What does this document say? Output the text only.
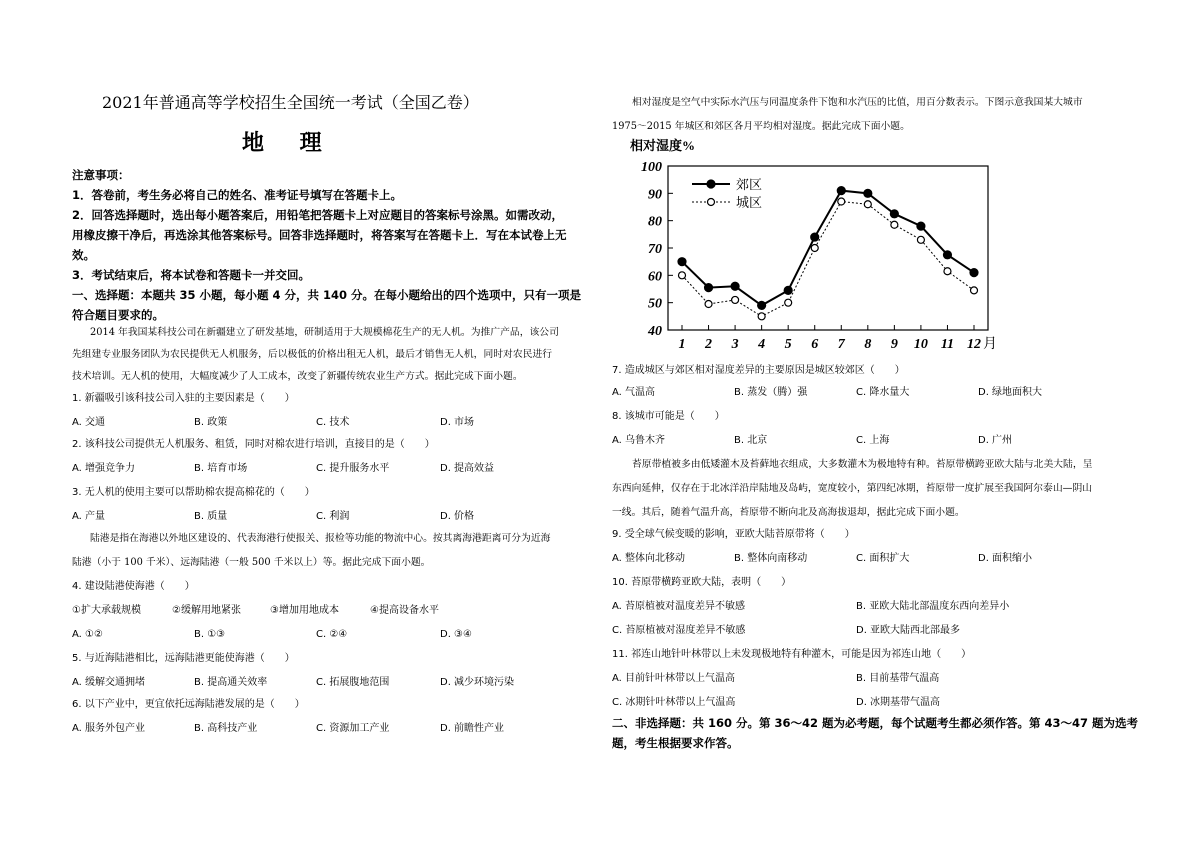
2021年普通高等学校招生全国统一考试（全国乙卷）
地 理
注意事项：
1．答卷前，考生务必将自己的姓名、准考证号填写在答题卡上。
2．回答选择题时，选出每小题答案后，用铅笔把答题卡上对应题目的答案标号涂黑。如需改动，
用橡皮擦干净后，再选涂其他答案标号。回答非选择题时，将答案写在答题卡上．写在本试卷上无
效。
3．考试结束后，将本试卷和答题卡一并交回。
一、选择题：本题共 35 小题，每小题 4 分，共 140 分。在每小题给出的四个选项中，只有一项是
符合题目要求的。
2014 年我国某科技公司在新疆建立了研发基地，研制适用于大规模棉花生产的无人机。为推广产品，该公司
先组建专业服务团队为农民提供无人机服务，后以极低的价格出租无人机，最后才销售无人机，同时对农民进行
技术培训。无人机的使用，大幅度减少了人工成本，改变了新疆传统农业生产方式。据此完成下面小题。
1. 新疆吸引该科技公司入驻的主要因素是（　　）
A. 交通	B. 政策	C. 技术	D. 市场
2. 该科技公司提供无人机服务、租赁，同时对棉农进行培训，直接目的是（　　）
A. 增强竞争力	B. 培育市场	C. 提升服务水平	D. 提高效益
3. 无人机的使用主要可以帮助棉农提高棉花的（　　）
A. 产量	B. 质量	C. 利润	D. 价格
陆港是指在海港以外地区建设的、代表海港行使报关、报检等功能的物流中心。按其离海港距离可分为近海
陆港（小于 100 千米）、远海陆港（一般 500 千米以上）等。据此完成下面小题。
4. 建设陆港使海港（　　）
①扩大承载规模	②缓解用地紧张	③增加用地成本	④提高设备水平
A. ①②	B. ①③	C. ②④	D. ③④
5. 与近海陆港相比，远海陆港更能使海港（　　）
A. 缓解交通拥堵	B. 提高通关效率	C. 拓展腹地范围	D. 减少环境污染
6. 以下产业中，更宜依托远海陆港发展的是（　　）
A. 服务外包产业	B. 高科技产业	C. 资源加工产业	D. 前瞻性产业
相对湿度是空气中实际水汽压与同温度条件下饱和水汽压的比值，用百分数表示。下图示意我国某大城市
1975～2015 年城区和郊区各月平均相对湿度。据此完成下面小题。
相对湿度%
40
50
60
70
80
90
100
1 2 3 4 5 6 7 8 9 10 11 12 月
郊区
城区
7. 造成城区与郊区相对湿度差异的主要原因是城区较郊区（　　）
A. 气温高	B. 蒸发（腾）强	C. 降水量大	D. 绿地面积大
8. 该城市可能是（　　）
A. 乌鲁木齐	B. 北京	C. 上海	D. 广州
苔原带植被多由低矮灌木及苔藓地衣组成，大多数灌木为极地特有种。苔原带横跨亚欧大陆与北美大陆，呈
东西向延伸，仅存在于北冰洋沿岸陆地及岛屿，宽度较小，第四纪冰期，苔原带一度扩展至我国阿尔泰山—阴山
一线。其后，随着气温升高，苔原带不断向北及高海拔退却，据此完成下面小题。
9. 受全球气候变暖的影响，亚欧大陆苔原带将（　　）
A. 整体向北移动	B. 整体向南移动	C. 面积扩大	D. 面积缩小
10. 苔原带横跨亚欧大陆，表明（　　）
A. 苔原植被对温度差异不敏感	B. 亚欧大陆北部温度东西向差异小
C. 苔原植被对湿度差异不敏感	D. 亚欧大陆西北部最多
11. 祁连山地针叶林带以上未发现极地特有种灌木，可能是因为祁连山地（　　）
A. 目前针叶林带以上气温高	B. 目前基带气温高
C. 冰期针叶林带以上气温高	D. 冰期基带气温高
二、非选择题：共 160 分。第 36～42 题为必考题，每个试题考生都必须作答。第 43～47 题为选考
题，考生根据要求作答。
